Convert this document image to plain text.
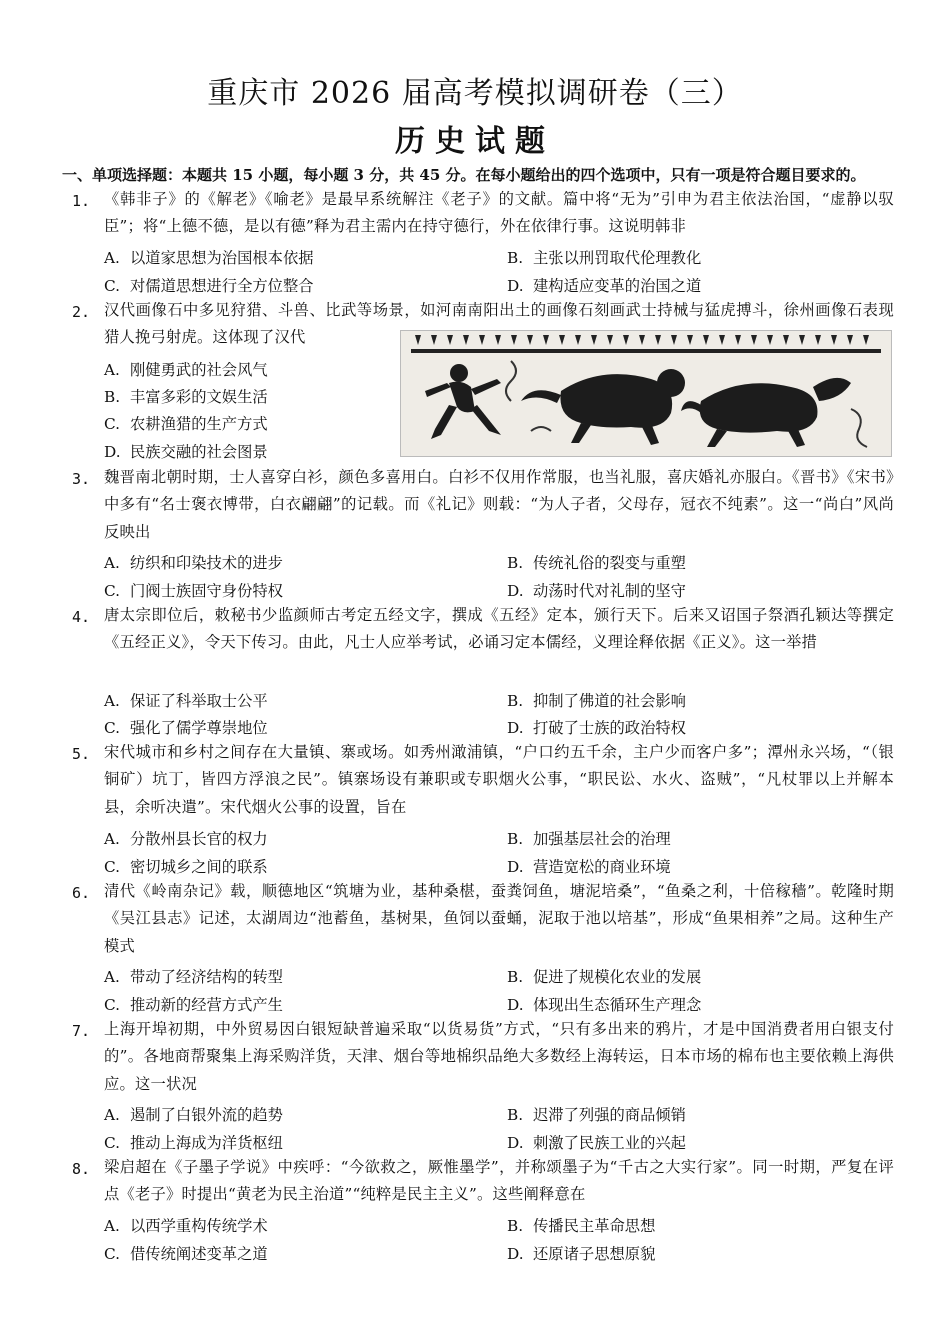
重庆市 2026 届高考模拟调研卷（三）
历史试题
一、单项选择题：本题共 15 小题，每小题 3 分，共 45 分。在每小题给出的四个选项中，只有一项是符合题目要求的。
1. 《韩非子》的《解老》《喻老》是最早系统解注《老子》的文献。篇中将“无为”引申为君主依法治国，“虚静以驭臣”；将“上德不德，是以有德”释为君主需内在持守德行，外在依律行事。这说明韩非
A. 以道家思想为治国根本依据	B. 主张以刑罚取代伦理教化
C. 对儒道思想进行全方位整合	D. 建构适应变革的治国之道
2. 汉代画像石中多见狩猎、斗兽、比武等场景，如河南南阳出土的画像石刻画武士持械与猛虎搏斗，徐州画像石表现猎人挽弓射虎。这体现了汉代
A. 刚健勇武的社会风气
B. 丰富多彩的文娱生活
C. 农耕渔猎的生产方式
D. 民族交融的社会图景
3. 魏晋南北朝时期，士人喜穿白衫，颜色多喜用白。白衫不仅用作常服，也当礼服，喜庆婚礼亦服白。《晋书》《宋书》中多有“名士褒衣博带，白衣翩翩”的记载。而《礼记》则载：“为人子者，父母存，冠衣不纯素”。这一“尚白”风尚反映出
A. 纺织和印染技术的进步	B. 传统礼俗的裂变与重塑
C. 门阀士族固守身份特权	D. 动荡时代对礼制的坚守
4. 唐太宗即位后，敕秘书少监颜师古考定五经文字，撰成《五经》定本，颁行天下。后来又诏国子祭酒孔颖达等撰定《五经正义》，令天下传习。由此，凡士人应举考试，必诵习定本儒经，义理诠释依据《正义》。这一举措
A. 保证了科举取士公平	B. 抑制了佛道的社会影响
C. 强化了儒学尊崇地位	D. 打破了士族的政治特权
5. 宋代城市和乡村之间存在大量镇、寨或场。如秀州澉浦镇，“户口约五千余，主户少而客户多”；潭州永兴场，“（银铜矿）坑丁，皆四方浮浪之民”。镇寨场设有兼职或专职烟火公事，“职民讼、水火、盗贼”，“凡杖罪以上并解本县，余听决遣”。宋代烟火公事的设置，旨在
A. 分散州县长官的权力	B. 加强基层社会的治理
C. 密切城乡之间的联系	D. 营造宽松的商业环境
6. 清代《岭南杂记》载，顺德地区“筑塘为业，基种桑椹，蚕粪饲鱼，塘泥培桑”，“鱼桑之利，十倍稼穑”。乾隆时期《吴江县志》记述，太湖周边“池蓄鱼，基树果，鱼饲以蚕蛹，泥取于池以培基”，形成“鱼果相养”之局。这种生产模式
A. 带动了经济结构的转型	B. 促进了规模化农业的发展
C. 推动新的经营方式产生	D. 体现出生态循环生产理念
7. 上海开埠初期，中外贸易因白银短缺普遍采取“以货易货”方式，“只有多出来的鸦片，才是中国消费者用白银支付的”。各地商帮聚集上海采购洋货，天津、烟台等地棉织品绝大多数经上海转运，日本市场的棉布也主要依赖上海供应。这一状况
A. 遏制了白银外流的趋势	B. 迟滞了列强的商品倾销
C. 推动上海成为洋货枢纽	D. 刺激了民族工业的兴起
8. 梁启超在《子墨子学说》中疾呼：“今欲救之，厥惟墨学”，并称颂墨子为“千古之大实行家”。同一时期，严复在评点《老子》时提出“黄老为民主治道”“纯粹是民主主义”。这些阐释意在
A. 以西学重构传统学术	B. 传播民主革命思想
C. 借传统阐述变革之道	D. 还原诸子思想原貌
